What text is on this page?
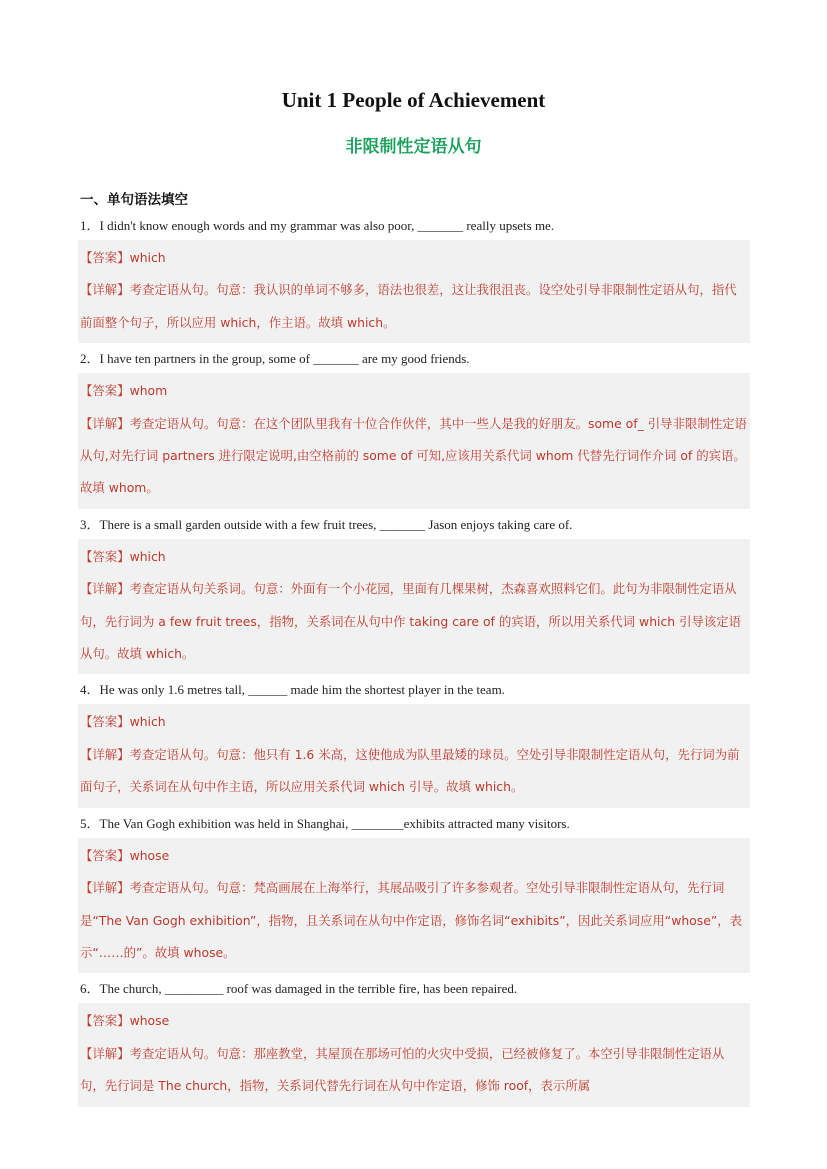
Unit 1 People of Achievement
非限制性定语从句
一、单句语法填空
1．I didn't know enough words and my grammar was also poor, _______ really upsets me.

【答案】which

【详解】考查定语从句。句意：我认识的单词不够多，语法也很差，这让我很沮丧。设空处引导非限制性定语从句，指代前面整个句子，所以应用 which，作主语。故填 which。

2．I have ten partners in the group, some of _______ are my good friends.

【答案】whom

【详解】考查定语从句。句意：在这个团队里我有十位合作伙伴，其中一些人是我的好朋友。some of_ 引导非限制性定语从句,对先行词 partners 进行限定说明,由空格前的 some of 可知,应该用关系代词 whom 代替先行词作介词 of 的宾语。故填 whom。

3．There is a small garden outside with a few fruit trees, _______ Jason enjoys taking care of.

【答案】which

【详解】考查定语从句关系词。句意：外面有一个小花园，里面有几棵果树，杰森喜欢照料它们。此句为非限制性定语从句，先行词为 a few fruit trees，指物，关系词在从句中作 taking care of 的宾语，所以用关系代词 which 引导该定语从句。故填 which。

4．He was only 1.6 metres tall, ______ made him the shortest player in the team.

【答案】which

【详解】考查定语从句。句意：他只有 1.6 米高，这使他成为队里最矮的球员。空处引导非限制性定语从句，先行词为前面句子，关系词在从句中作主语，所以应用关系代词 which 引导。故填 which。

5．The Van Gogh exhibition was held in Shanghai, ________exhibits attracted many visitors.

【答案】whose

【详解】考查定语从句。句意：梵高画展在上海举行，其展品吸引了许多参观者。空处引导非限制性定语从句，先行词是“The Van Gogh exhibition”，指物，且关系词在从句中作定语，修饰名词“exhibits”，因此关系词应用“whose”，表示“……的”。故填 whose。

6．The church, _________ roof was damaged in the terrible fire, has been repaired.

【答案】whose

【详解】考查定语从句。句意：那座教堂，其屋顶在那场可怕的火灾中受损，已经被修复了。本空引导非限制性定语从句，先行词是 The church，指物，关系词代替先行词在从句中作定语，修饰 roof，表示所属
